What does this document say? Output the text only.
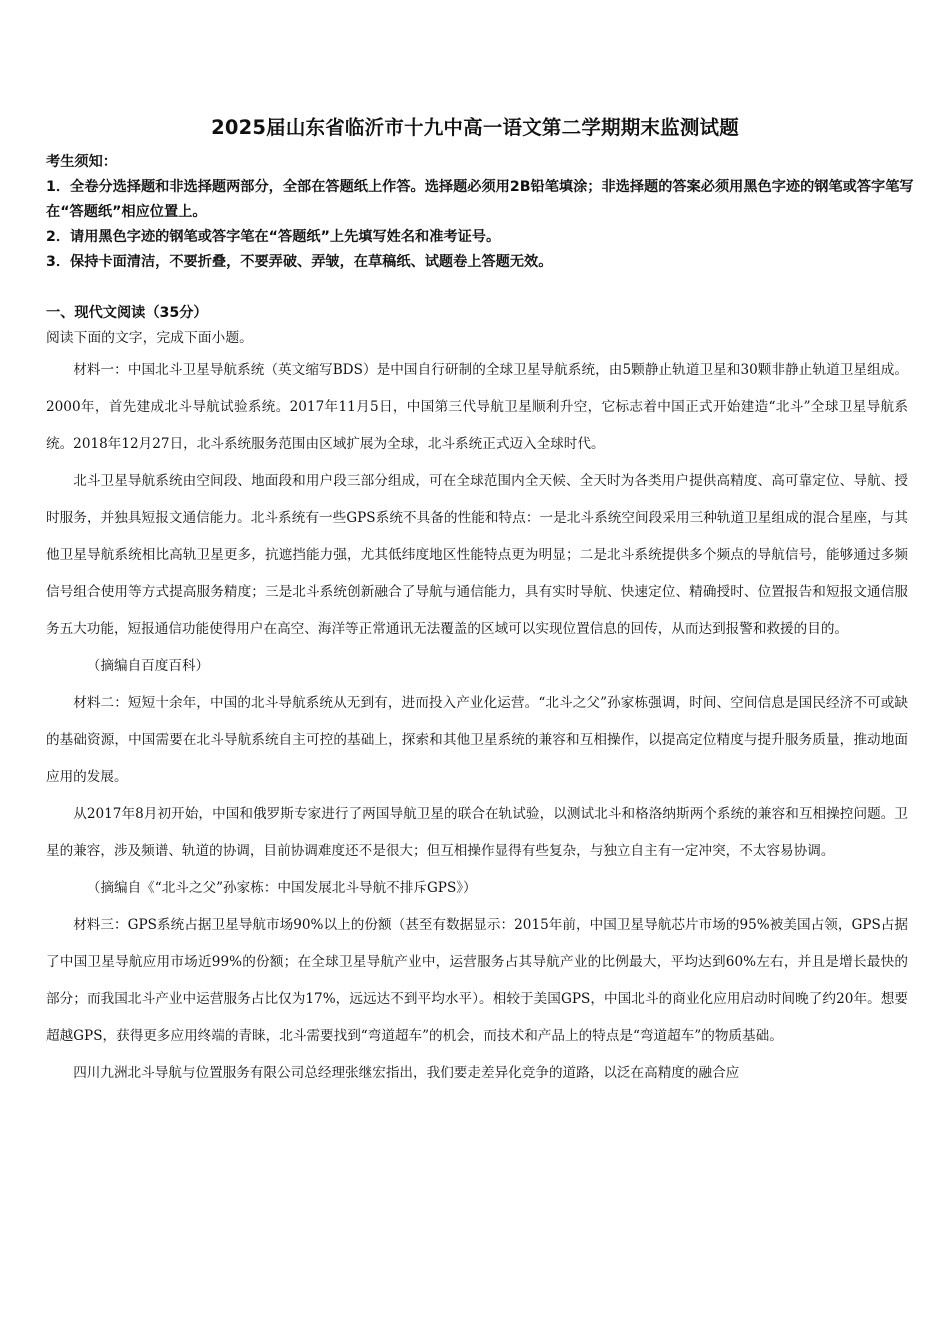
2025届山东省临沂市十九中高一语文第二学期期末监测试题

考生须知：

1．全卷分选择题和非选择题两部分，全部在答题纸上作答。选择题必须用2B铅笔填涂；非选择题的答案必须用黑色字迹的钢笔或答字笔写在“答题纸”相应位置上。

2．请用黑色字迹的钢笔或答字笔在“答题纸”上先填写姓名和准考证号。

3．保持卡面清洁，不要折叠，不要弄破、弄皱，在草稿纸、试题卷上答题无效。

一、现代文阅读（35分）
阅读下面的文字，完成下面小题。

材料一：中国北斗卫星导航系统（英文缩写BDS）是中国自行研制的全球卫星导航系统，由5颗静止轨道卫星和30颗非静止轨道卫星组成。2000年，首先建成北斗导航试验系统。2017年11月5日，中国第三代导航卫星顺利升空，它标志着中国正式开始建造“北斗”全球卫星导航系统。2018年12月27日，北斗系统服务范围由区域扩展为全球，北斗系统正式迈入全球时代。

北斗卫星导航系统由空间段、地面段和用户段三部分组成，可在全球范围内全天候、全天时为各类用户提供高精度、高可靠定位、导航、授时服务，并独具短报文通信能力。北斗系统有一些GPS系统不具备的性能和特点：一是北斗系统空间段采用三种轨道卫星组成的混合星座，与其他卫星导航系统相比高轨卫星更多，抗遮挡能力强，尤其低纬度地区性能特点更为明显；二是北斗系统提供多个频点的导航信号，能够通过多频信号组合使用等方式提高服务精度；三是北斗系统创新融合了导航与通信能力，具有实时导航、快速定位、精确授时、位置报告和短报文通信服务五大功能，短报通信功能使得用户在高空、海洋等正常通讯无法覆盖的区域可以实现位置信息的回传，从而达到报警和救援的目的。

（摘编自百度百科）

材料二：短短十余年，中国的北斗导航系统从无到有，进而投入产业化运营。“北斗之父”孙家栋强调，时间、空间信息是国民经济不可或缺的基础资源，中国需要在北斗导航系统自主可控的基础上，探索和其他卫星系统的兼容和互相操作，以提高定位精度与提升服务质量，推动地面应用的发展。

从2017年8月初开始，中国和俄罗斯专家进行了两国导航卫星的联合在轨试验，以测试北斗和格洛纳斯两个系统的兼容和互相操控问题。卫星的兼容，涉及频谱、轨道的协调，目前协调难度还不是很大；但互相操作显得有些复杂，与独立自主有一定冲突，不太容易协调。

（摘编自《“北斗之父”孙家栋：中国发展北斗导航不排斥GPS》）

材料三：GPS系统占据卫星导航市场90%以上的份额（甚至有数据显示：2015年前，中国卫星导航芯片市场的95%被美国占领，GPS占据了中国卫星导航应用市场近99%的份额；在全球卫星导航产业中，运营服务占其导航产业的比例最大，平均达到60%左右，并且是增长最快的部分；而我国北斗产业中运营服务占比仅为17%，远远达不到平均水平）。相较于美国GPS，中国北斗的商业化应用启动时间晚了约20年。想要超越GPS，获得更多应用终端的青睐，北斗需要找到“弯道超车”的机会，而技术和产品上的特点是“弯道超车”的物质基础。

四川九洲北斗导航与位置服务有限公司总经理张继宏指出，我们要走差异化竞争的道路，以泛在高精度的融合应
